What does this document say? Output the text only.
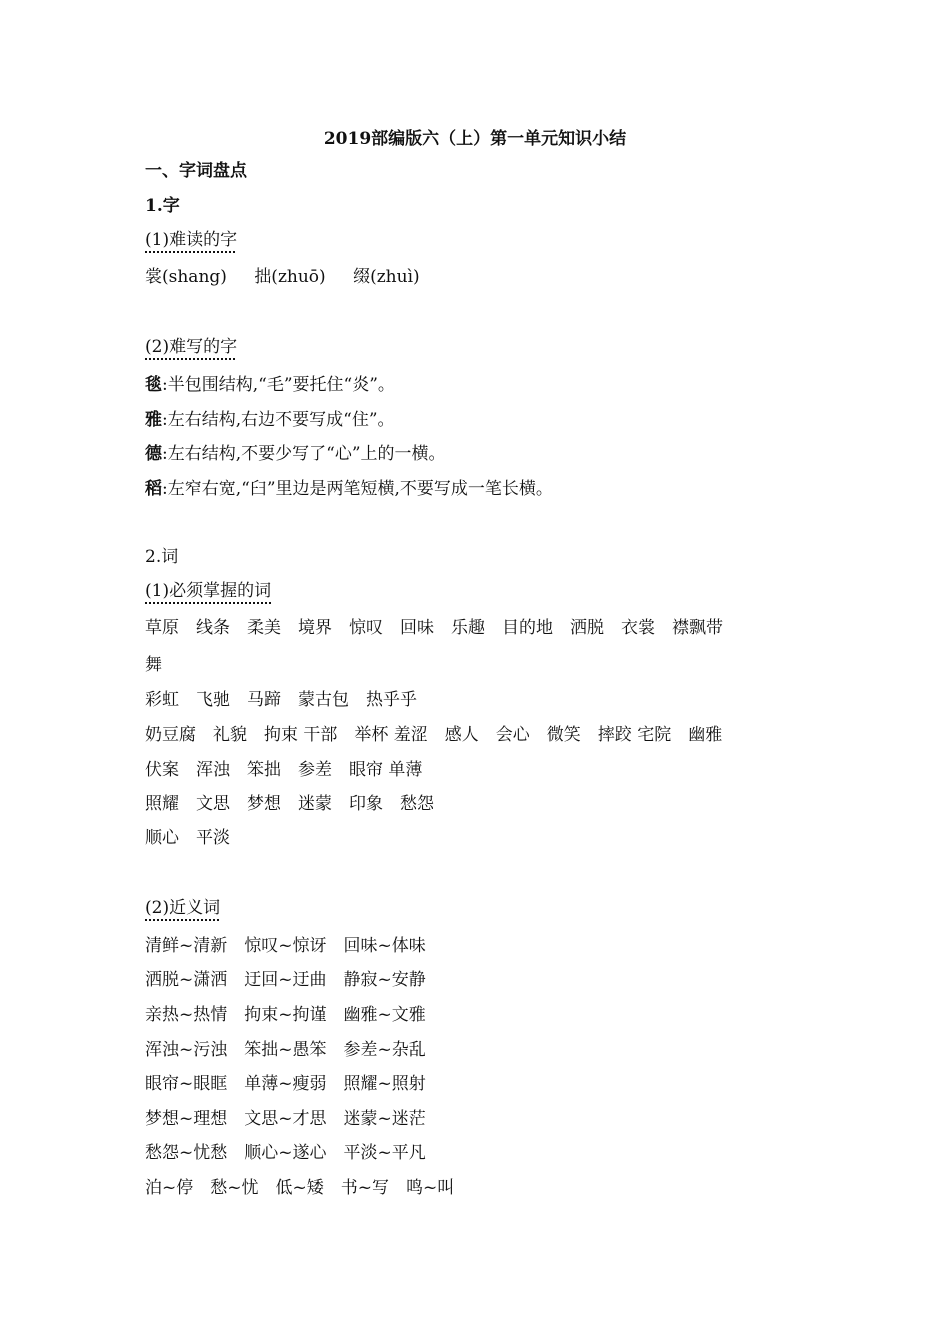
2019部编版六（上）第一单元知识小结
一、字词盘点
1.字
(1)难读的字
裳(shang) 拙(zhuō) 缀(zhuì)
(2)难写的字
毯:半包围结构,“毛”要托住“炎”。
雅:左右结构,右边不要写成“住”。
德:左右结构,不要少写了“心”上的一横。
稻:左窄右宽,“臼”里边是两笔短横,不要写成一笔长横。
2.词
(1)必须掌握的词
草原　线条　柔美　境界　惊叹　回味　乐趣　目的地　洒脱　衣裳　襟飘带
舞
彩虹　飞驰　马蹄　蒙古包　热乎乎
奶豆腐　礼貌　拘束 干部　举杯 羞涩　感人　会心　微笑　摔跤 宅院　幽雅
伏案　浑浊　笨拙　参差　眼帘 单薄
照耀　文思　梦想　迷蒙　印象　愁怨
顺心　平淡
(2)近义词
清鲜~清新　惊叹~惊讶　回味~体味
洒脱~潇洒　迂回~迂曲　静寂~安静
亲热~热情　拘束~拘谨　幽雅~文雅
浑浊~污浊　笨拙~愚笨　参差~杂乱
眼帘~眼眶　单薄~瘦弱　照耀~照射
梦想~理想　文思~才思　迷蒙~迷茫
愁怨~忧愁　顺心~遂心　平淡~平凡
泊~停　愁~忧　低~矮　书~写　鸣~叫
